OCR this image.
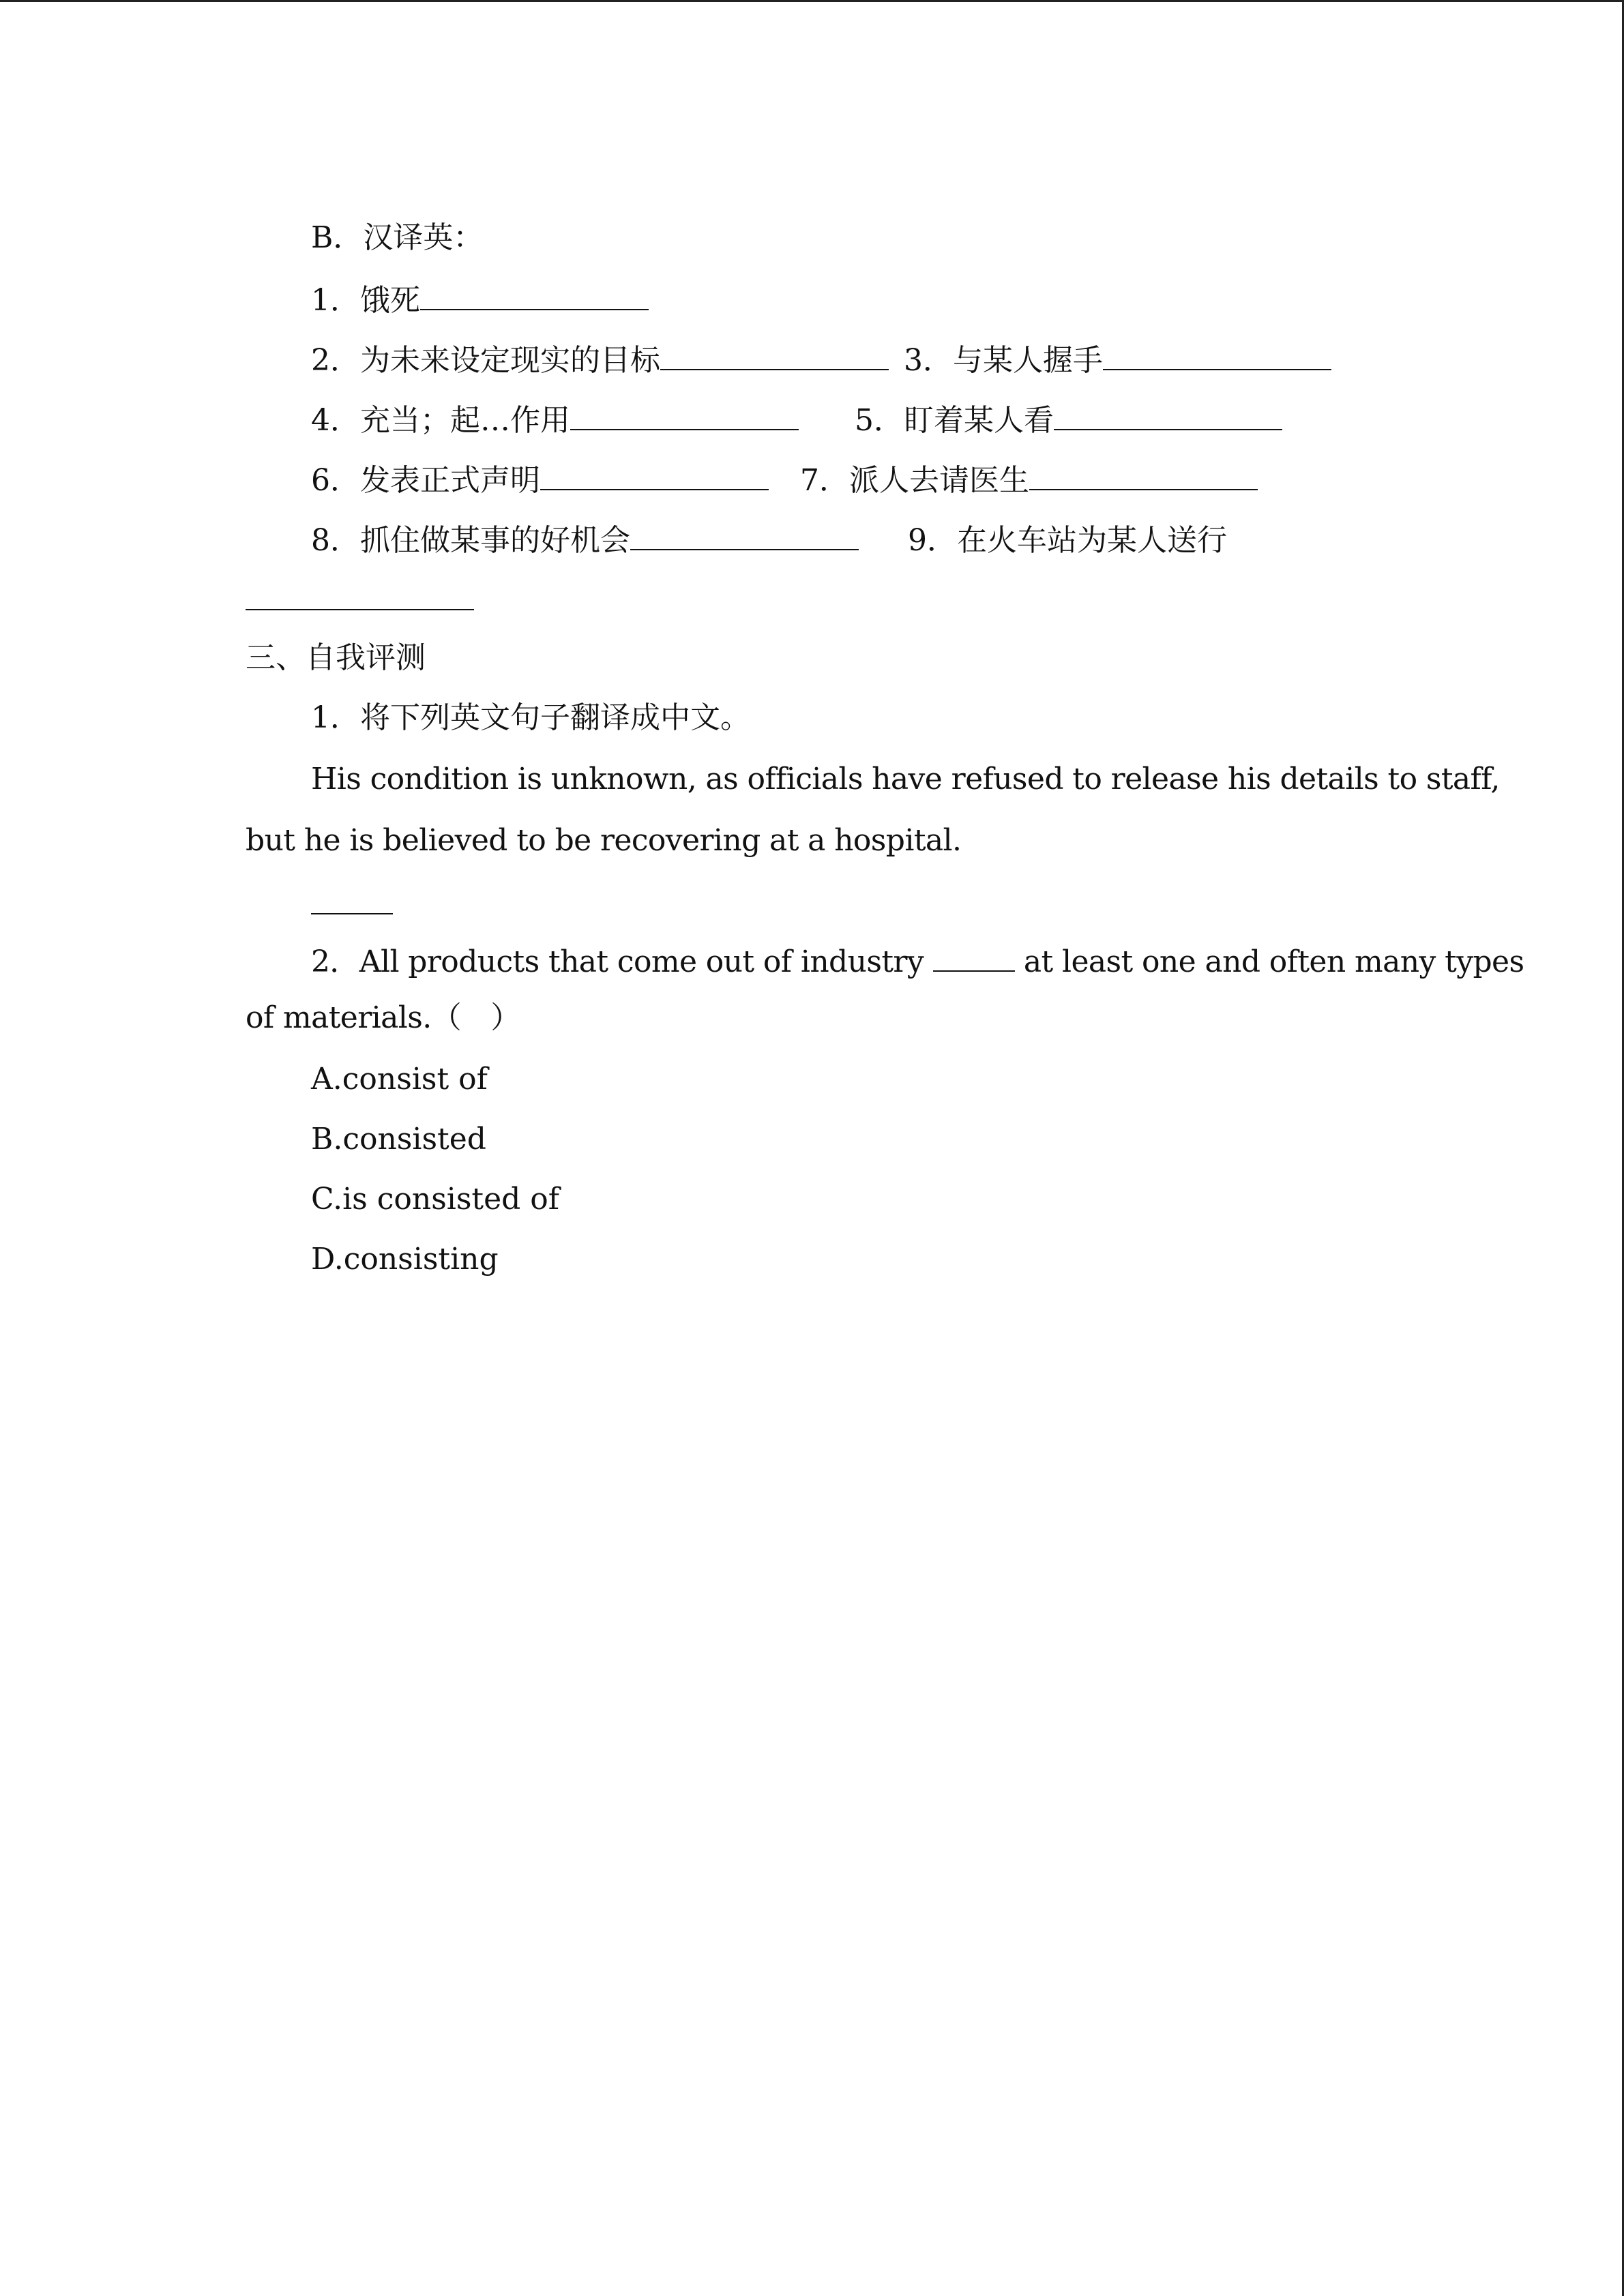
B．汉译英：
1．饿死
2．为未来设定现实的目标	3．与某人握手
4．充当；起…作用	5．盯着某人看
6．发表正式声明	7．派人去请医生
8．抓住做某事的好机会	9．在火车站为某人送行
三、自我评测
1．将下列英文句子翻译成中文。
His condition is unknown, as officials have refused to release his details to staff,
but he is believed to be recovering at a hospital.
2．All products that come out of industry	at least one and often many types
of materials.（　）
A.consist of
B.consisted
C.is consisted of
D.consisting
